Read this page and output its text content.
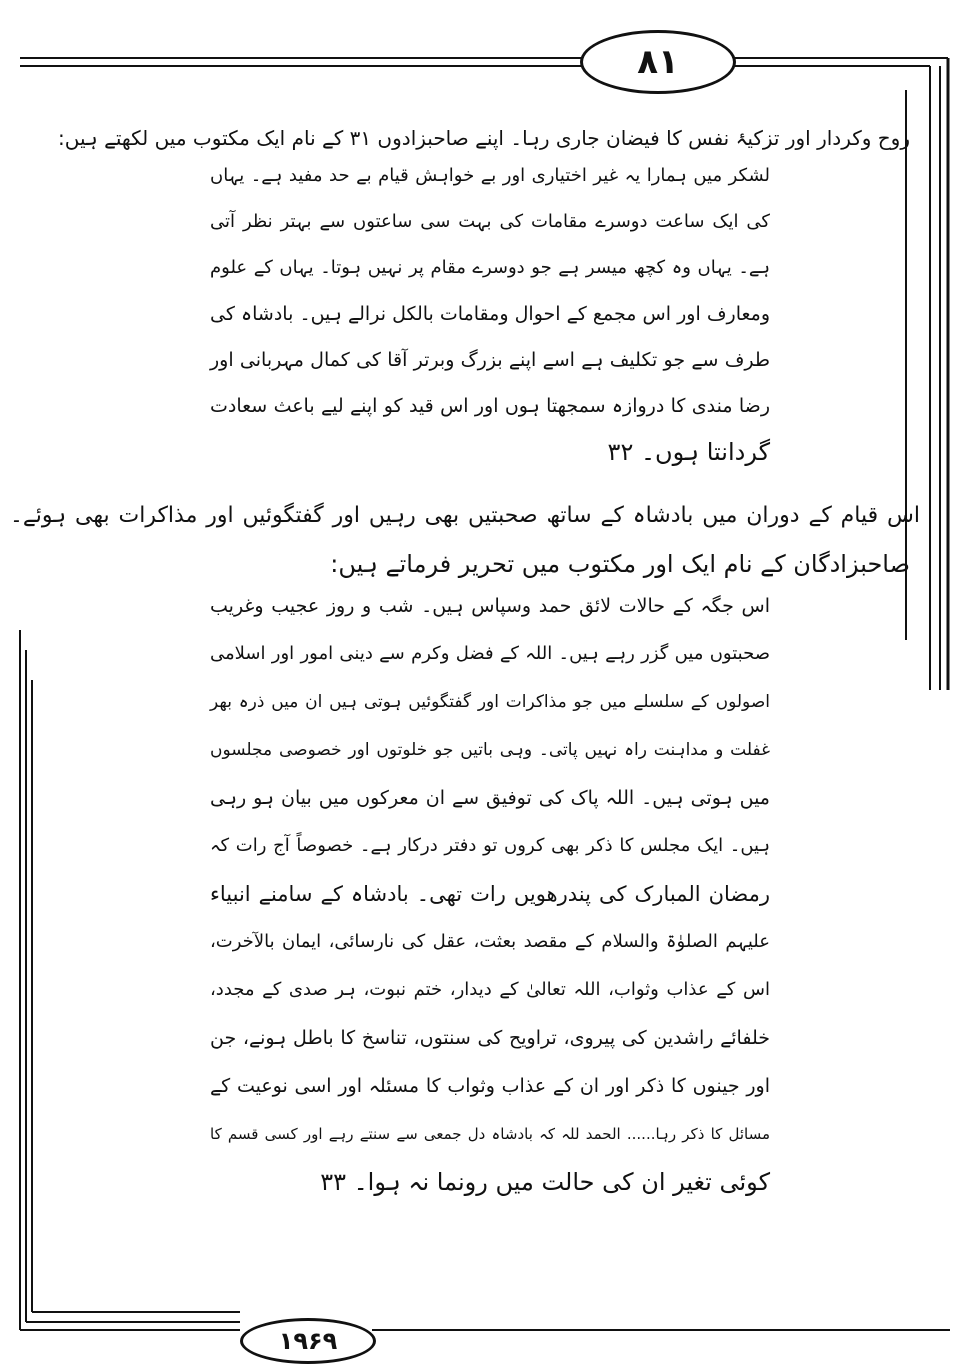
۸۱
روح وکردار اور تزکیۂ نفس کا فیضان جاری رہا۔ اپنے صاحبزادوں ۳۱ کے نام ایک مکتوب میں لکھتے ہیں:
لشکر میں ہمارا یہ غیر اختیاری اور بے خواہش قیام بے حد مفید ہے۔ یہاں
کی ایک ساعت دوسرے مقامات کی بہت سی ساعتوں سے بہتر نظر آتی
ہے۔ یہاں وہ کچھ میسر ہے جو دوسرے مقام پر نہیں ہوتا۔ یہاں کے علوم
ومعارف اور اس مجمع کے احوال ومقامات بالکل نرالے ہیں۔ بادشاہ کی
طرف سے جو تکلیف ہے اسے اپنے بزرگ وبرتر آقا کی کمال مہربانی اور
رضا مندی کا دروازہ سمجھتا ہوں اور اس قید کو اپنے لیے باعث سعادت
گردانتا ہوں۔ ۳۲
اس قیام کے دوران میں بادشاہ کے ساتھ صحبتیں بھی رہیں اور گفتگوئیں اور مذاکرات بھی ہوئے۔
صاحبزادگان کے نام ایک اور مکتوب میں تحریر فرماتے ہیں:
اس جگہ کے حالات لائق حمد وسپاس ہیں۔ شب و روز عجیب وغریب
صحبتوں میں گزر رہے ہیں۔ اللہ کے فضل وکرم سے دینی امور اور اسلامی
اصولوں کے سلسلے میں جو مذاکرات اور گفتگوئیں ہوتی ہیں ان میں ذرہ بھر
غفلت و مداہنت راہ نہیں پاتی۔ وہی باتیں جو خلوتوں اور خصوصی مجلسوں
میں ہوتی ہیں۔ اللہ پاک کی توفیق سے ان معرکوں میں بیان ہو رہی
ہیں۔ ایک مجلس کا ذکر بھی کروں تو دفتر درکار ہے۔ خصوصاً آج رات کہ
رمضان المبارک کی پندرھویں رات تھی۔ بادشاہ کے سامنے انبیاء
علیہم الصلوٰۃ والسلام کے مقصد بعثت، عقل کی نارسائی، ایمان بالآخرت،
اس کے عذاب وثواب، اللہ تعالیٰ کے دیدار، ختم نبوت، ہر صدی کے مجدد،
خلفائے راشدین کی پیروی، تراویح کی سنتوں، تناسخ کا باطل ہونے، جن
اور جینوں کا ذکر اور ان کے عذاب وثواب کا مسئلہ اور اسی نوعیت کے
مسائل کا ذکر رہا...... الحمد للہ کہ بادشاہ دل جمعی سے سنتے رہے اور کسی قسم کا
کوئی تغیر ان کی حالت میں رونما نہ ہوا۔ ۳۳
۱۹۶۹
